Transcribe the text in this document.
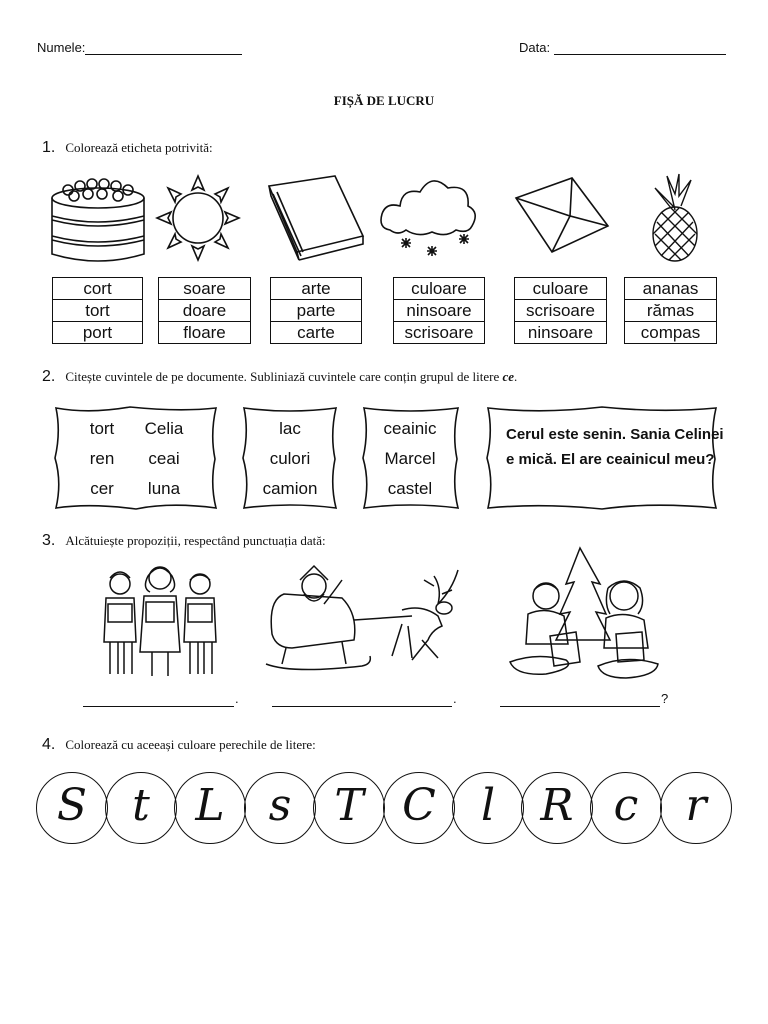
Numele:	Data:
FIȘĂ DE LUCRU
1. Colorează eticheta potrivită:
cort
tort
port
soare
doare
floare
arte
parte
carte
culoare
ninsoare
scrisoare
culoare
scrisoare
ninsoare
ananas
rămas
compas
2. Citește cuvintele de pe documente. Subliniază cuvintele care conțin grupul de litere ce.
tort	Celia
ren	ceai
cer	luna
lac
culori
camion
ceainic
Marcel
castel
Cerul este senin. Sania Celinei e mică. El are ceainicul meu?
3. Alcătuiește propoziții, respectând punctuația dată:
.	.	?
4. Colorează cu aceeași culoare perechile de litere:
S	t	L	s T C	l	R c	r
